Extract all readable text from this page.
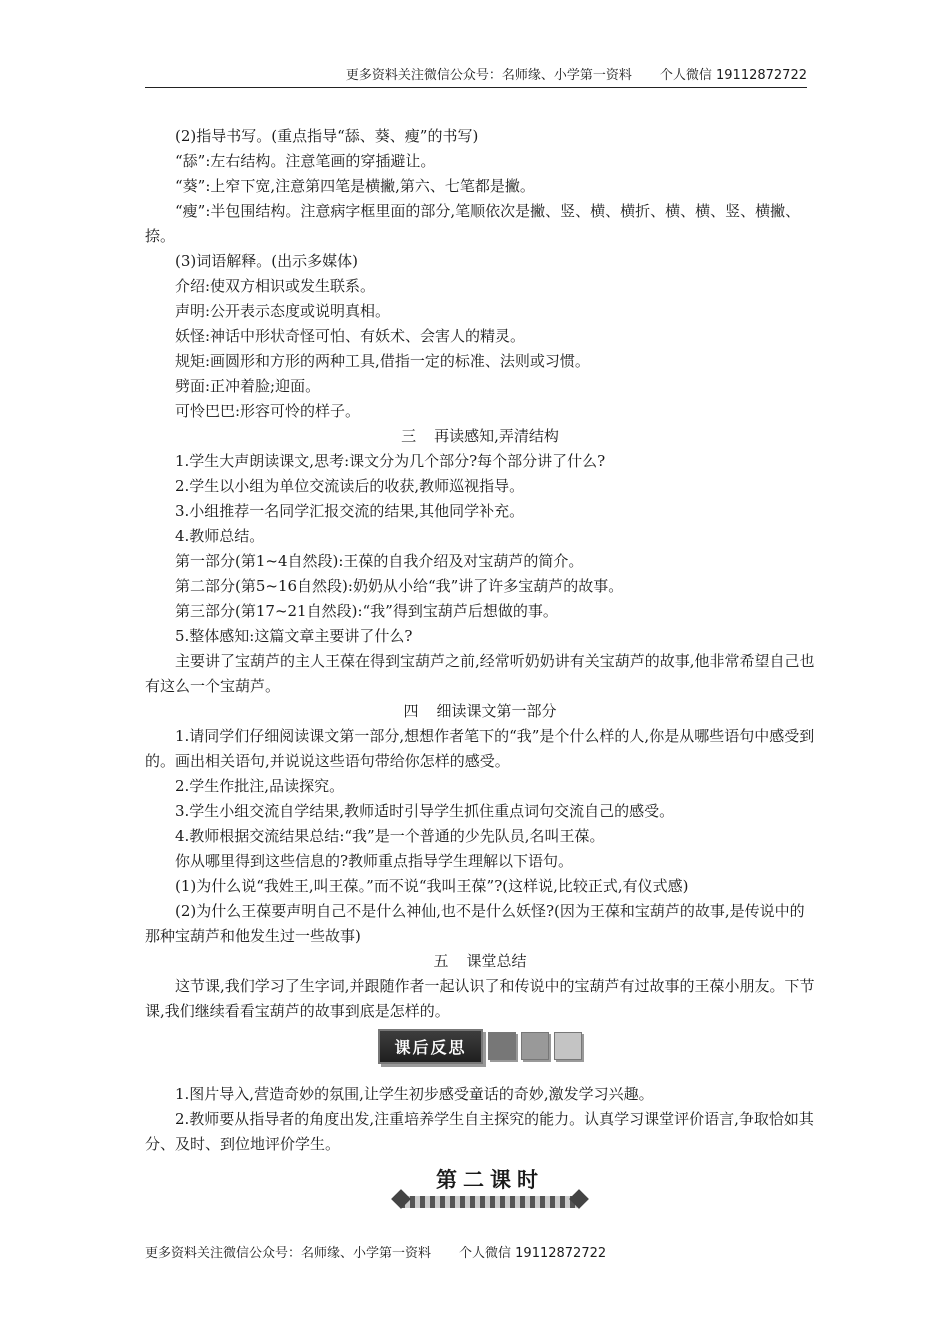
更多资料关注微信公众号：名师缘、小学第一资料 个人微信 19112872722

(2)指导书写。(重点指导“舔、葵、瘦”的书写)

“舔”:左右结构。注意笔画的穿插避让。

“葵”:上窄下宽,注意第四笔是横撇,第六、七笔都是撇。

“瘦”:半包围结构。注意病字框里面的部分,笔顺依次是撇、竖、横、横折、横、横、竖、横撇、捺。

(3)词语解释。(出示多媒体)

介绍:使双方相识或发生联系。

声明:公开表示态度或说明真相。

妖怪:神话中形状奇怪可怕、有妖术、会害人的精灵。

规矩:画圆形和方形的两种工具,借指一定的标准、法则或习惯。

劈面:正冲着脸;迎面。

可怜巴巴:形容可怜的样子。

三 再读感知,弄清结构

1.学生大声朗读课文,思考:课文分为几个部分?每个部分讲了什么?

2.学生以小组为单位交流读后的收获,教师巡视指导。

3.小组推荐一名同学汇报交流的结果,其他同学补充。

4.教师总结。

第一部分(第1~4自然段):王葆的自我介绍及对宝葫芦的简介。

第二部分(第5~16自然段):奶奶从小给“我”讲了许多宝葫芦的故事。

第三部分(第17~21自然段):“我”得到宝葫芦后想做的事。

5.整体感知:这篇文章主要讲了什么?

主要讲了宝葫芦的主人王葆在得到宝葫芦之前,经常听奶奶讲有关宝葫芦的故事,他非常希望自己也有这么一个宝葫芦。

四 细读课文第一部分

1.请同学们仔细阅读课文第一部分,想想作者笔下的“我”是个什么样的人,你是从哪些语句中感受到的。画出相关语句,并说说这些语句带给你怎样的感受。

2.学生作批注,品读探究。

3.学生小组交流自学结果,教师适时引导学生抓住重点词句交流自己的感受。

4.教师根据交流结果总结:“我”是一个普通的少先队员,名叫王葆。

你从哪里得到这些信息的?教师重点指导学生理解以下语句。

(1)为什么说“我姓王,叫王葆。”而不说“我叫王葆”?(这样说,比较正式,有仪式感)

(2)为什么王葆要声明自己不是什么神仙,也不是什么妖怪?(因为王葆和宝葫芦的故事,是传说中的那种宝葫芦和他发生过一些故事)

五 课堂总结

这节课,我们学习了生字词,并跟随作者一起认识了和传说中的宝葫芦有过故事的王葆小朋友。下节课,我们继续看看宝葫芦的故事到底是怎样的。

课后反思

1.图片导入,营造奇妙的氛围,让学生初步感受童话的奇妙,激发学习兴趣。

2.教师要从指导者的角度出发,注重培养学生自主探究的能力。认真学习课堂评价语言,争取恰如其分、及时、到位地评价学生。

第二课时
更多资料关注微信公众号：名师缘、小学第一资料 个人微信 19112872722
